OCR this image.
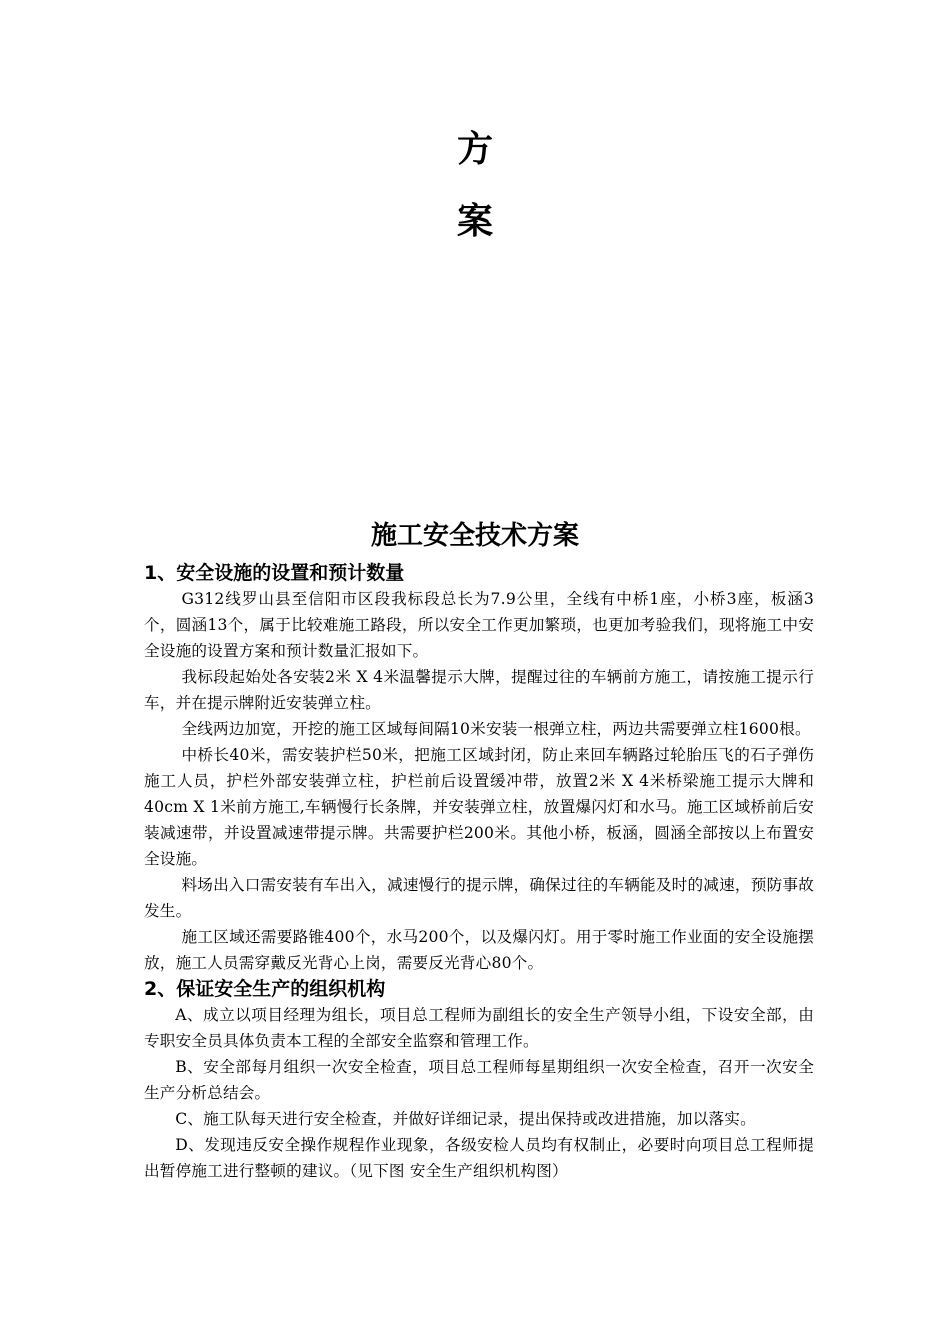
方
案
施工安全技术方案
1、安全设施的设置和预计数量

G312线罗山县至信阳市区段我标段总长为7.9公里，全线有中桥1座，小桥3座，板涵3个，圆涵13个，属于比较难施工路段，所以安全工作更加繁琐，也更加考验我们，现将施工中安全设施的设置方案和预计数量汇报如下。

我标段起始处各安装2米 X 4米温馨提示大牌，提醒过往的车辆前方施工，请按施工提示行车，并在提示牌附近安装弹立柱。

全线两边加宽，开挖的施工区域每间隔10米安装一根弹立柱，两边共需要弹立柱1600根。

中桥长40米，需安装护栏50米，把施工区域封闭，防止来回车辆路过轮胎压飞的石子弹伤施工人员，护栏外部安装弹立柱，护栏前后设置缓冲带，放置2米 X 4米桥梁施工提示大牌和40cm X 1米前方施工,车辆慢行长条牌，并安装弹立柱，放置爆闪灯和水马。施工区域桥前后安装减速带，并设置减速带提示牌。共需要护栏200米。其他小桥，板涵，圆涵全部按以上布置安全设施。

料场出入口需安装有车出入，减速慢行的提示牌，确保过往的车辆能及时的减速，预防事故发生。

施工区域还需要路锥400个，水马200个，以及爆闪灯。用于零时施工作业面的安全设施摆放，施工人员需穿戴反光背心上岗，需要反光背心80个。

2、保证安全生产的组织机构

A、成立以项目经理为组长，项目总工程师为副组长的安全生产领导小组，下设安全部，由专职安全员具体负责本工程的全部安全监察和管理工作。

B、安全部每月组织一次安全检查，项目总工程师每星期组织一次安全检查，召开一次安全生产分析总结会。

C、施工队每天进行安全检查，并做好详细记录，提出保持或改进措施，加以落实。

D、发现违反安全操作规程作业现象，各级安检人员均有权制止，必要时向项目总工程师提出暂停施工进行整顿的建议。（见下图 安全生产组织机构图）
